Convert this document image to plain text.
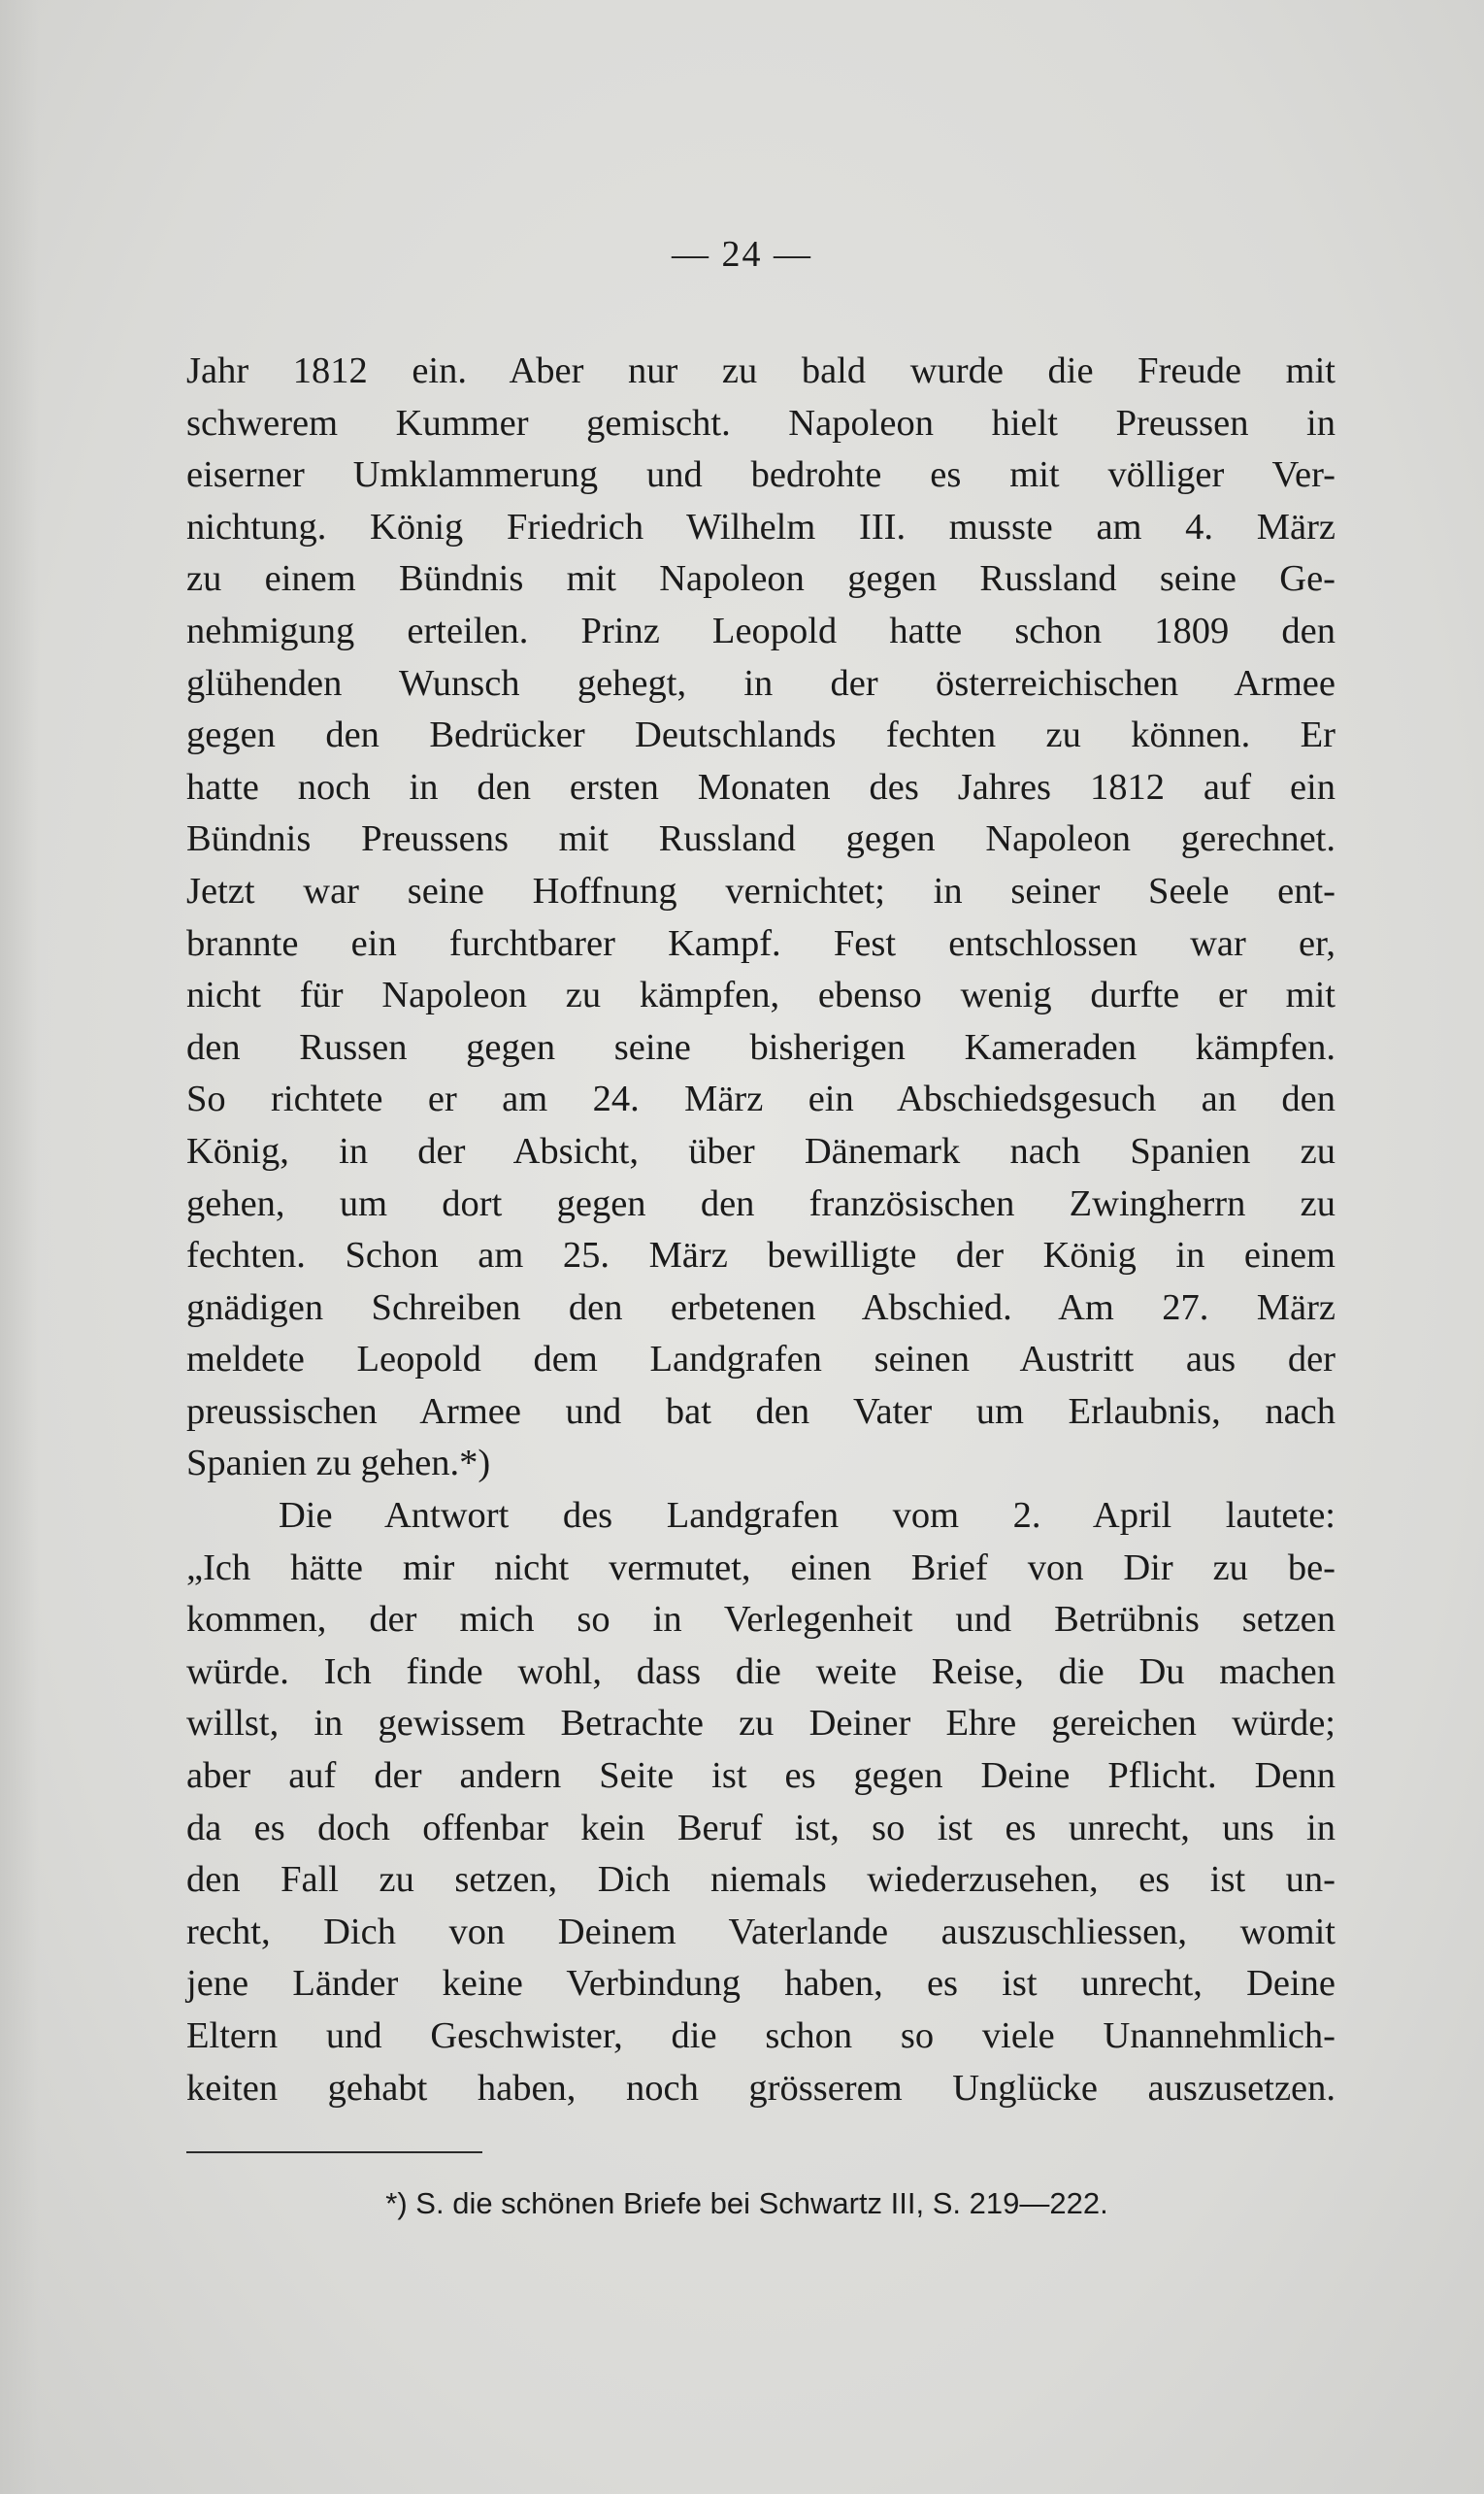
— 24 —
Jahr 1812 ein. Aber nur zu bald wurde die Freude mit
schwerem Kummer gemischt. Napoleon hielt Preussen in
eiserner Umklammerung und bedrohte es mit völliger Ver-
nichtung. König Friedrich Wilhelm III. musste am 4. März
zu einem Bündnis mit Napoleon gegen Russland seine Ge-
nehmigung erteilen. Prinz Leopold hatte schon 1809 den
glühenden Wunsch gehegt, in der österreichischen Armee
gegen den Bedrücker Deutschlands fechten zu können. Er
hatte noch in den ersten Monaten des Jahres 1812 auf ein
Bündnis Preussens mit Russland gegen Napoleon gerechnet.
Jetzt war seine Hoffnung vernichtet; in seiner Seele ent-
brannte ein furchtbarer Kampf. Fest entschlossen war er,
nicht für Napoleon zu kämpfen, ebenso wenig durfte er mit
den Russen gegen seine bisherigen Kameraden kämpfen.
So richtete er am 24. März ein Abschiedsgesuch an den
König, in der Absicht, über Dänemark nach Spanien zu
gehen, um dort gegen den französischen Zwingherrn zu
fechten. Schon am 25. März bewilligte der König in einem
gnädigen Schreiben den erbetenen Abschied. Am 27. März
meldete Leopold dem Landgrafen seinen Austritt aus der
preussischen Armee und bat den Vater um Erlaubnis, nach
Spanien zu gehen.*)
Die Antwort des Landgrafen vom 2. April lautete:
„Ich hätte mir nicht vermutet, einen Brief von Dir zu be-
kommen, der mich so in Verlegenheit und Betrübnis setzen
würde. Ich finde wohl, dass die weite Reise, die Du machen
willst, in gewissem Betrachte zu Deiner Ehre gereichen würde;
aber auf der andern Seite ist es gegen Deine Pflicht. Denn
da es doch offenbar kein Beruf ist, so ist es unrecht, uns in
den Fall zu setzen, Dich niemals wiederzusehen, es ist un-
recht, Dich von Deinem Vaterlande auszuschliessen, womit
jene Länder keine Verbindung haben, es ist unrecht, Deine
Eltern und Geschwister, die schon so viele Unannehmlich-
keiten gehabt haben, noch grösserem Unglücke auszusetzen.
*) S. die schönen Briefe bei Schwartz III, S. 219—222.
